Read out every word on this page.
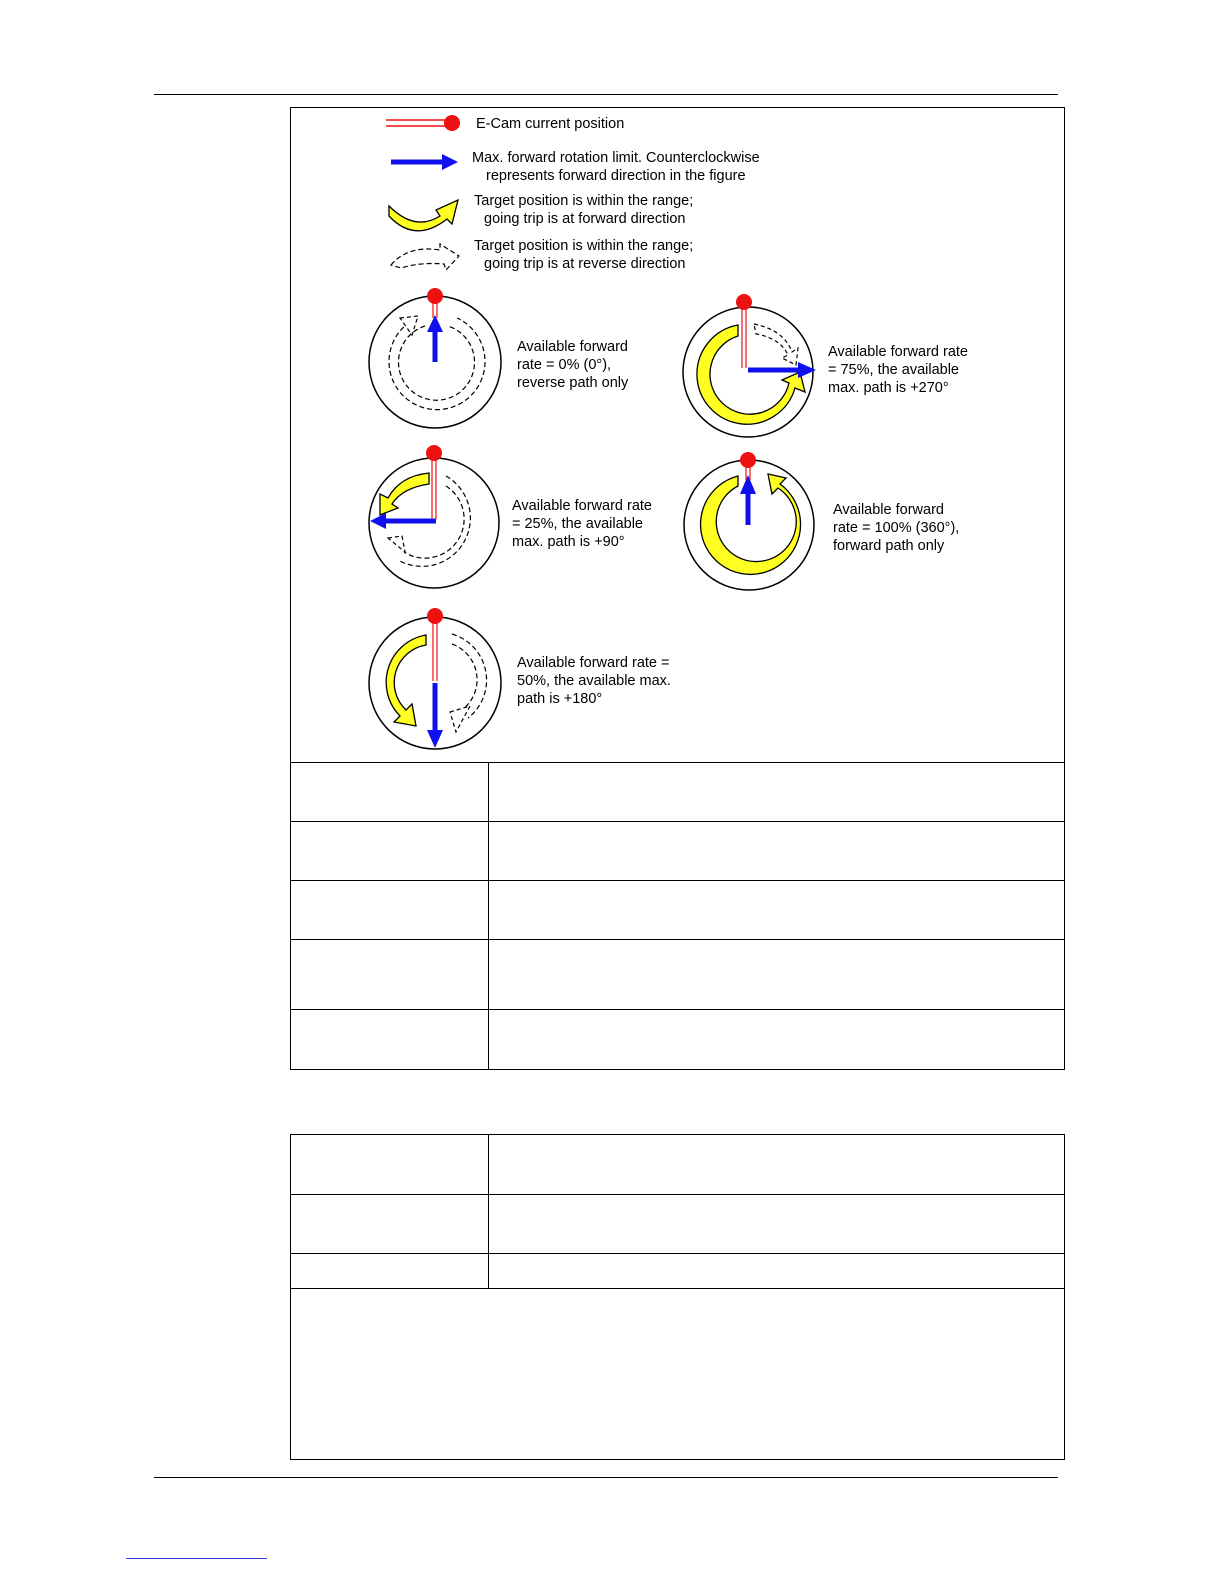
E-Cam current position
Max. forward rotation limit. Counterclockwise
represents forward direction in the figure
Target position is within the range;
going trip is at forward direction
Target position is within the range;
going trip is at reverse direction
Available forward
rate = 0% (0°),
reverse path only
Available forward rate
= 75%, the available
max. path is +270°
Available forward rate
= 25%, the available
max. path is +90°
Available forward
rate = 100% (360°),
forward path only
Available forward rate =
50%, the available max.
path is +180°
